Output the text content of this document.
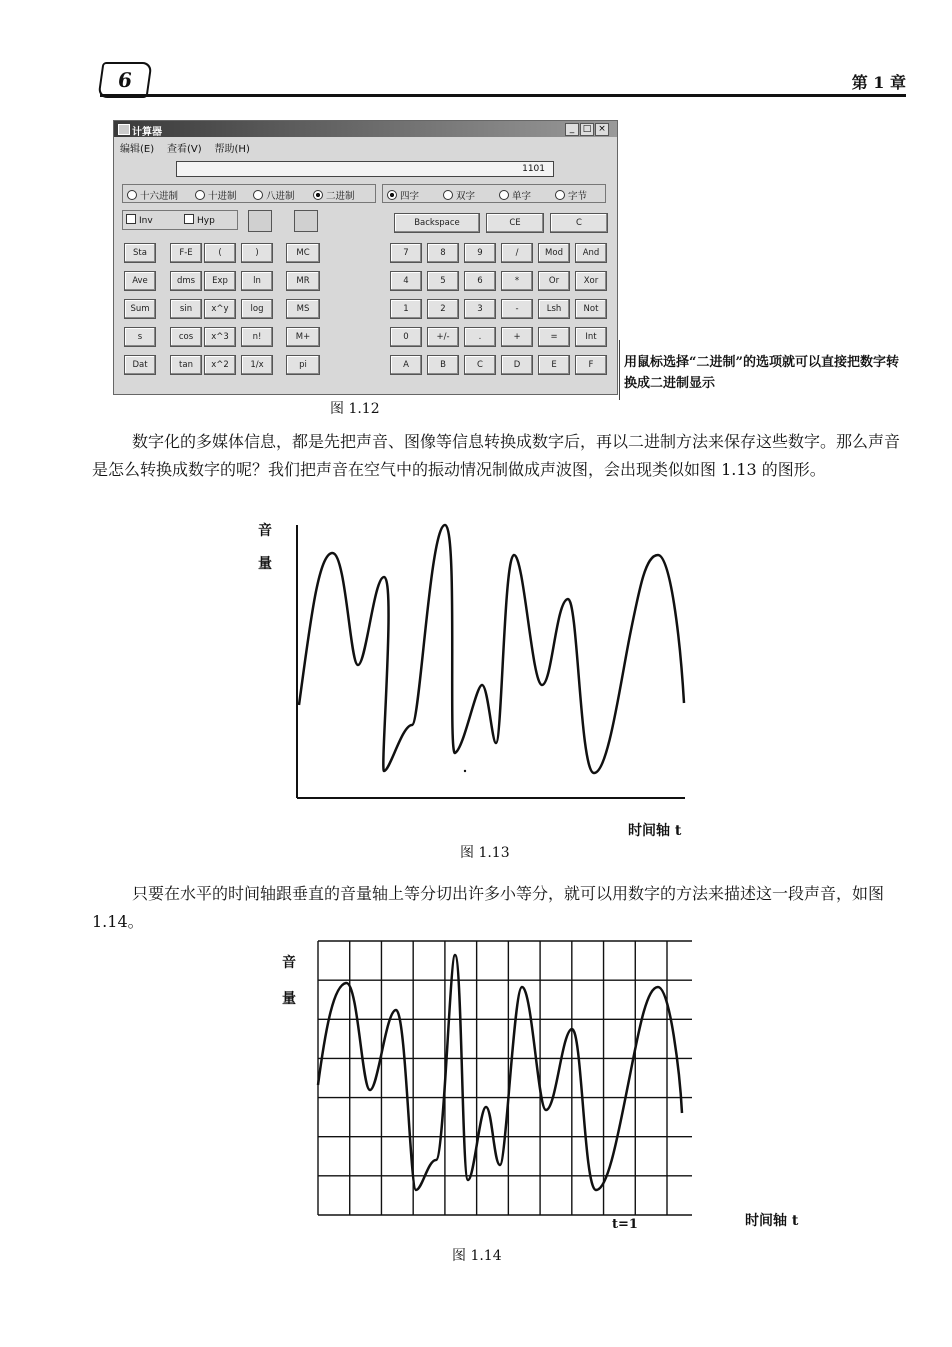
6	第 1 章
计算器	_ □ ×
编辑(E) 查看(V) 帮助(H)
1101
十六进制	十进制	八进制	二进制	四字	双字	单字	字节
Inv	Hyp	Backspace	CE	C
Sta	F-E	(	)	MC
Ave	dms	Exp	ln	MR
Sum	sin	x^y	log	MS
s	cos	x^3	n!	M+
Dat	tan	x^2	1/x	pi
7	8	9	/	Mod	And
4	5	6	*	Or	Xor
1	2	3	-	Lsh	Not
0	+/-	.	+	=	Int
A	B	C	D	E	F	用鼠标选择“二进制”的选项就可以直接把数字转换成二进制显示
图 1.12
数字化的多媒体信息，都是先把声音、图像等信息转换成数字后，再以二进制方法来保存这些数字。那么声音是怎么转换成数字的呢？我们把声音在空气中的振动情况制做成声波图，会出现类似如图 1.13 的图形。
音
量
时间轴 t
图 1.13
只要在水平的时间轴跟垂直的音量轴上等分切出许多小等分，就可以用数字的方法来描述这一段声音，如图 1.14。
音
量
t=1	时间轴 t
图 1.14
